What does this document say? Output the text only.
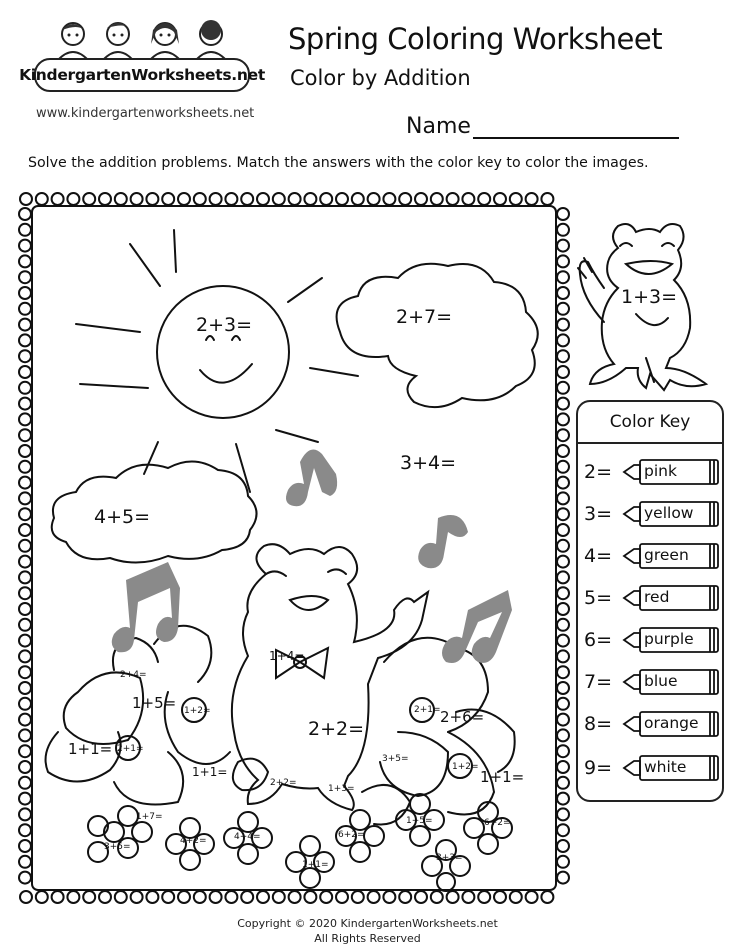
KindergartenWorksheets.net
www.kindergartenworksheets.net
Spring Coloring Worksheet
Color by Addition
Name
Solve the addition problems. Match the answers with the color key to color the images.
2+3=	2+7=
3+4=
4+5=
1+4=
2+2=
2+4=
1+5= 1+2=
1+1= 2+1=
1+1=
2+1= 2+6=
3+5=
1+2=
1+1=
2+2=
1+3=
1+7=
3+5=
4+2=	4+4=	6+2=
1+5=	6+2=
1+1=
3+3=
1+3=
Color Key
2=	pink
3=	yellow
4=	green
5=	red
6=	purple
7=	blue
8=	orange
9=	white
Copyright © 2020 KindergartenWorksheets.net
All Rights Reserved
